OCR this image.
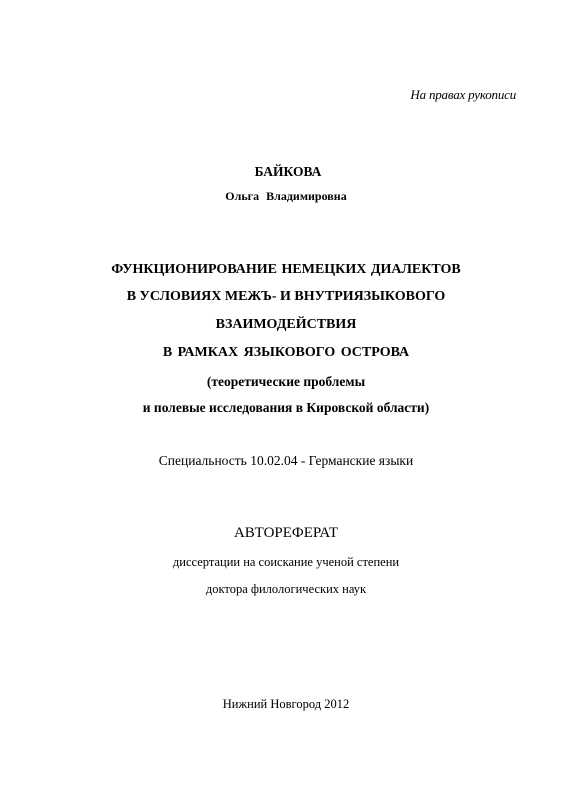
На правах рукописи
БАЙКОВА
Ольга Владимировна
ФУНКЦИОНИРОВАНИЕ НЕМЕЦКИХ ДИАЛЕКТОВ
В УСЛОВИЯХ МЕЖЪ- И ВНУТРИЯЗЫКОВОГО
ВЗАИМОДЕЙСТВИЯ
В РАМКАХ ЯЗЫКОВОГО ОСТРОВА
(теоретические проблемы
и полевые исследования в Кировской области)
Специальность 10.02.04 - Германские языки
АВТОРЕФЕРАТ
диссертации на соискание ученой степени
доктора филологических наук
Нижний Новгород 2012
